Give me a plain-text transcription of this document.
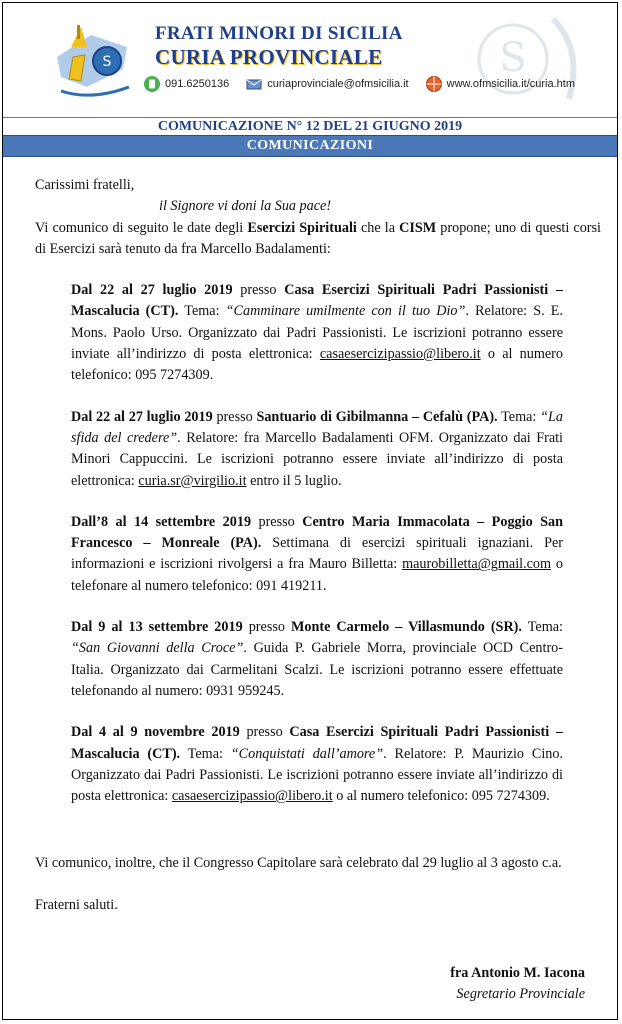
S	S
FRATI MINORI DI SICILIA
CURIA PROVINCIALE
091.6250136	curiaprovinciale@ofmsicilia.it	www.ofmsicilia.it/curia.htm
COMUNICAZIONE N° 12 DEL 21 GIUGNO 2019
COMUNICAZIONI

Carissimi fratelli,

il Signore vi doni la Sua pace!

Vi comunico di seguito le date degli Esercizi Spirituali che la CISM propone; uno di questi corsi di Esercizi sarà tenuto da fra Marcello Badalamenti:

Dal 22 al 27 luglio 2019 presso Casa Esercizi Spirituali Padri Passionisti – Mascalucia (CT). Tema: “Camminare umilmente con il tuo Dio”. Relatore: S. E. Mons. Paolo Urso. Organizzato dai Padri Passionisti. Le iscrizioni potranno essere inviate all’indirizzo di posta elettronica: casaesercizipassio@libero.it o al numero telefonico: 095 7274309.

Dal 22 al 27 luglio 2019 presso Santuario di Gibilmanna – Cefalù (PA). Tema: “La sfida del credere”. Relatore: fra Marcello Badalamenti OFM. Organizzato dai Frati Minori Cappuccini. Le iscrizioni potranno essere inviate all’indirizzo di posta elettronica: curia.sr@virgilio.it entro il 5 luglio.

Dall’8 al 14 settembre 2019 presso Centro Maria Immacolata – Poggio San Francesco – Monreale (PA). Settimana di esercizi spirituali ignaziani. Per informazioni e iscrizioni rivolgersi a fra Mauro Billetta: maurobilletta@gmail.com o telefonare al numero telefonico: 091 419211.

Dal 9 al 13 settembre 2019 presso Monte Carmelo – Villasmundo (SR). Tema: “San Giovanni della Croce”. Guida P. Gabriele Morra, provinciale OCD Centro-Italia. Organizzato dai Carmelitani Scalzi. Le iscrizioni potranno essere effettuate telefonando al numero: 0931 959245.

Dal 4 al 9 novembre 2019 presso Casa Esercizi Spirituali Padri Passionisti – Mascalucia (CT). Tema: “Conquistati dall’amore”. Relatore: P. Maurizio Cino. Organizzato dai Padri Passionisti. Le iscrizioni potranno essere inviate all’indirizzo di posta elettronica: casaesercizipassio@libero.it o al numero telefonico: 095 7274309.

Vi comunico, inoltre, che il Congresso Capitolare sarà celebrato dal 29 luglio al 3 agosto c.a.

Fraterni saluti.

fra Antonio M. Iacona
Segretario Provinciale
